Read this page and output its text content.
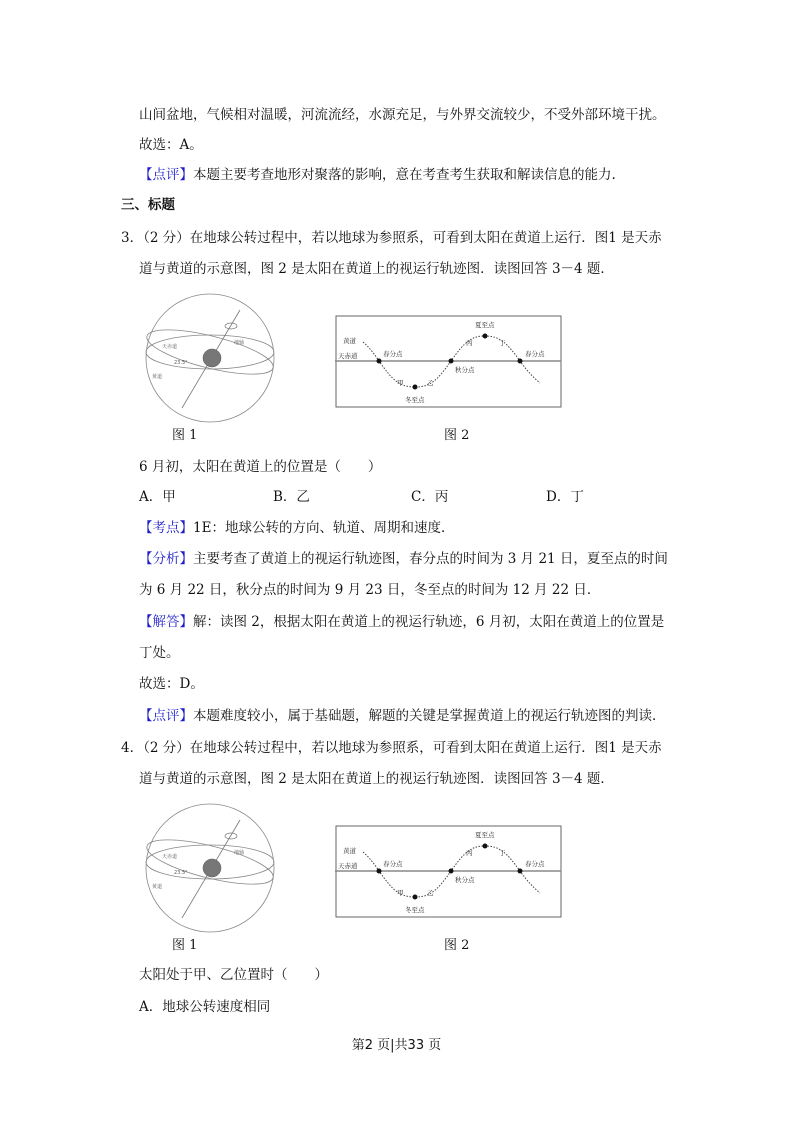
山间盆地，气候相对温暖，河流流经，水源充足，与外界交流较少，不受外部环境干扰。
故选：A。
【点评】本题主要考查地形对聚落的影响，意在考查考生获取和解读信息的能力.
三、标题
3．（2 分）在地球公转过程中，若以地球为参照系，可看到太阳在黄道上运行．图1 是天赤
道与黄道的示意图，图 2 是太阳在黄道上的视运行轨迹图．读图回答 3－4 题．
天赤道
23.5°
黄道
地轴
图 1
黄道
天赤道	春分点
秋分点
夏至点
冬至点
春分点
甲	乙
丙	丁
图 2
6 月初，太阳在黄道上的位置是（　　）
A．甲	B．乙	C．丙	D．丁
【考点】1E：地球公转的方向、轨道、周期和速度．
【分析】主要考查了黄道上的视运行轨迹图，春分点的时间为 3 月 21 日，夏至点的时间
为 6 月 22 日，秋分点的时间为 9 月 23 日，冬至点的时间为 12 月 22 日．
【解答】解：读图 2，根据太阳在黄道上的视运行轨迹，6 月初，太阳在黄道上的位置是
丁处。
故选：D。
【点评】本题难度较小，属于基础题，解题的关键是掌握黄道上的视运行轨迹图的判读．
4．（2 分）在地球公转过程中，若以地球为参照系，可看到太阳在黄道上运行．图1 是天赤
道与黄道的示意图，图 2 是太阳在黄道上的视运行轨迹图．读图回答 3－4 题．
天赤道
23.5°
黄道
地轴
图 1
黄道
天赤道	春分点
秋分点
夏至点
冬至点
春分点
甲	乙
丙	丁
图 2
太阳处于甲、乙位置时（　　）
A．地球公转速度相同
第2 页|共33 页
